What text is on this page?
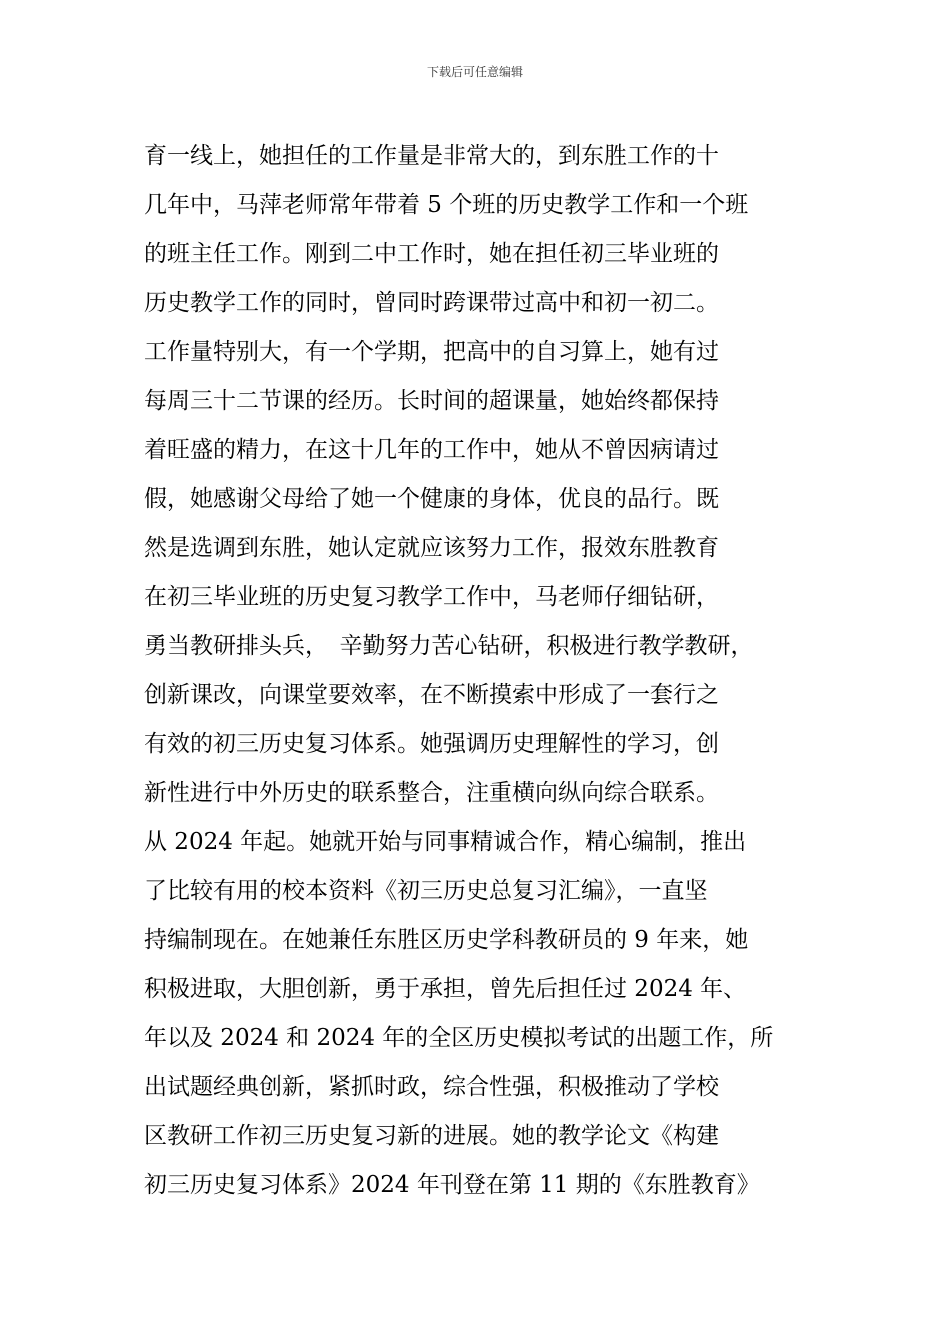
下载后可任意编辑
育一线上，她担任的工作量是非常大的，到东胜工作的十
几年中，马萍老师常年带着 5 个班的历史教学工作和一个班
的班主任工作。刚到二中工作时，她在担任初三毕业班的
历史教学工作的同时，曾同时跨课带过高中和初一初二。
工作量特别大，有一个学期，把高中的自习算上，她有过
每周三十二节课的经历。长时间的超课量，她始终都保持
着旺盛的精力，在这十几年的工作中，她从不曾因病请过
假，她感谢父母给了她一个健康的身体，优良的品行。既
然是选调到东胜，她认定就应该努力工作，报效东胜教育
在初三毕业班的历史复习教学工作中，马老师仔细钻研，
勇当教研排头兵，　辛勤努力苦心钻研，积极进行教学教研，
创新课改，向课堂要效率，在不断摸索中形成了一套行之
有效的初三历史复习体系。她强调历史理解性的学习，创
新性进行中外历史的联系整合，注重横向纵向综合联系。
从 2024 年起。她就开始与同事精诚合作，精心编制，推出
了比较有用的校本资料《初三历史总复习汇编》，一直坚
持编制现在。在她兼任东胜区历史学科教研员的 9 年来，她
积极进取，大胆创新，勇于承担，曾先后担任过 2024 年、
年以及 2024 和 2024 年的全区历史模拟考试的出题工作，所
出试题经典创新，紧抓时政，综合性强，积极推动了学校
区教研工作初三历史复习新的进展。她的教学论文《构建
初三历史复习体系》2024 年刊登在第 11 期的《东胜教育》
